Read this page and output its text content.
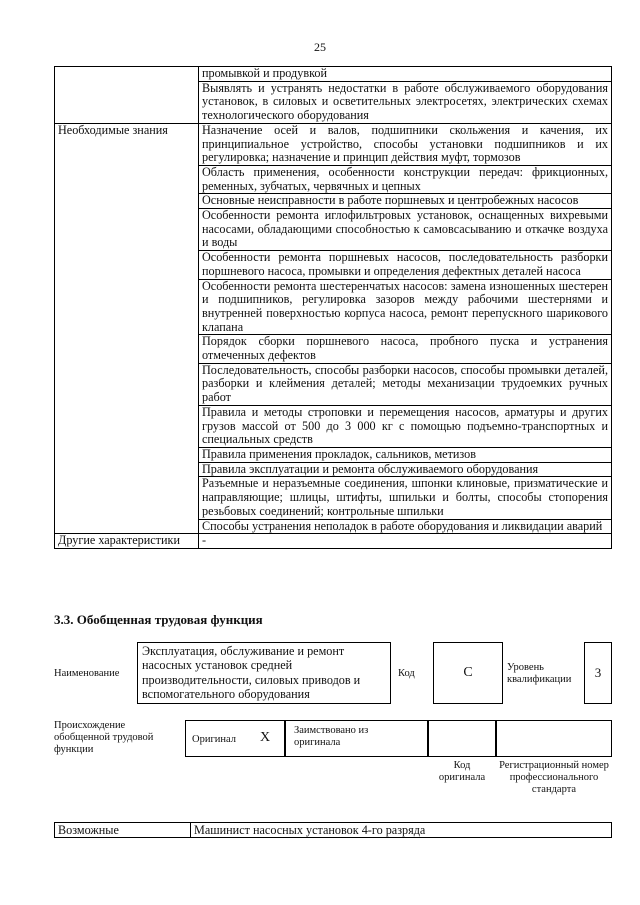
25
	промывкой и продувкой
	Выявлять и устранять недостатки в работе обслуживаемого оборудования установок, в силовых и осветительных электросетях, электрических схемах технологического оборудования
Необходимые знания	Назначение осей и валов, подшипники скольжения и качения, их принципиальное устройство, способы установки подшипников и их регулировка; назначение и принцип действия муфт, тормозов
	Область применения, особенности конструкции передач: фрикционных, ременных, зубчатых, червячных и цепных
	Основные неисправности в работе поршневых и центробежных насосов
	Особенности ремонта иглофильтровых установок, оснащенных вихревыми насосами, обладающими способностью к самовсасыванию и откачке воздуха и воды
	Особенности ремонта поршневых насосов, последовательность разборки поршневого насоса, промывки и определения дефектных деталей насоса
	Особенности ремонта шестеренчатых насосов: замена изношенных шестерен и подшипников, регулировка зазоров между рабочими шестернями и внутренней поверхностью корпуса насоса, ремонт перепускного шарикового клапана
	Порядок сборки поршневого насоса, пробного пуска и устранения отмеченных дефектов
	Последовательность, способы разборки насосов, способы промывки деталей, разборки и клеймения деталей; методы механизации трудоемких ручных работ
	Правила и методы строповки и перемещения насосов, арматуры и других грузов массой от 500 до 3 000 кг с помощью подъемно-транспортных и специальных средств
	Правила применения прокладок, сальников, метизов
	Правила эксплуатации и ремонта обслуживаемого оборудования
	Разъемные и неразъемные соединения, шпонки клиновые, призматические и направляющие; шлицы, штифты, шпильки и болты, способы стопорения резьбовых соединений; контрольные шпильки
	Способы устранения неполадок в работе оборудования и ликвидации аварий
Другие характеристики	-
3.3. Обобщенная трудовая функция
Наименование
Эксплуатация, обслуживание и ремонт насосных установок средней производительности, силовых приводов и вспомогательного оборудования
Код	C	Уровень квалификации	3
Происхождение обобщенной трудовой функции
Оригинал X Заимствовано из оригинала
Код оригинала
Регистрационный номер профессионального стандарта
Возможные	Машинист насосных установок 4-го разряда
